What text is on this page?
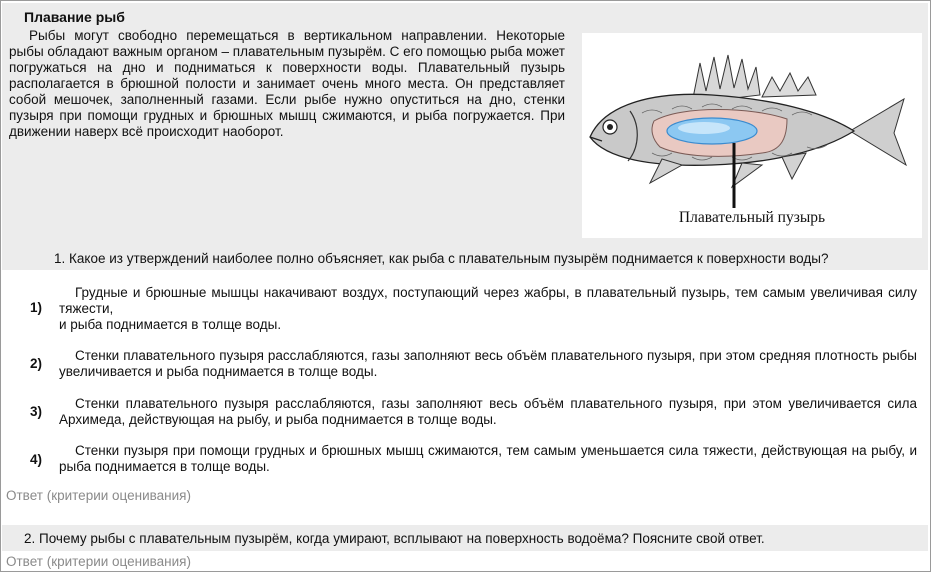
Плавание рыб
Рыбы могут свободно перемещаться в вертикальном направлении. Некоторые рыбы обладают важным органом – плавательным пузырём. С его помощью рыба может погружаться на дно и подниматься к поверхности воды. Плавательный пузырь располагается в брюшной полости и занимает очень много места. Он представляет собой мешочек, заполненный газами. Если рыбе нужно опуститься на дно, стенки пузыря при помощи грудных и брюшных мышц сжимаются, и рыба погружается. При движении наверх всё происходит наоборот.
Плавательный пузырь
1. Какое из утверждений наиболее полно объясняет, как рыба с плавательным пузырём поднимается к поверхности воды?
1)
Грудные и брюшные мышцы накачивают воздух, поступающий через жабры, в плавательный пузырь, тем самым увеличивая силу тяжести,
и рыба поднимается в толще воды.
2)
Стенки плавательного пузыря расслабляются, газы заполняют весь объём плавательного пузыря, при этом средняя плотность рыбы увеличивается и рыба поднимается в толще воды.
3)
Стенки плавательного пузыря расслабляются, газы заполняют весь объём плавательного пузыря, при этом увеличивается сила Архимеда, действующая на рыбу, и рыба поднимается в толще воды.
4)
Стенки пузыря при помощи грудных и брюшных мышц сжимаются, тем самым уменьшается сила тяжести, действующая на рыбу, и рыба поднимается в толще воды.
Ответ (критерии оценивания)
2. Почему рыбы с плавательным пузырём, когда умирают, всплывают на поверхность водоёма? Поясните свой ответ.
Ответ (критерии оценивания)
